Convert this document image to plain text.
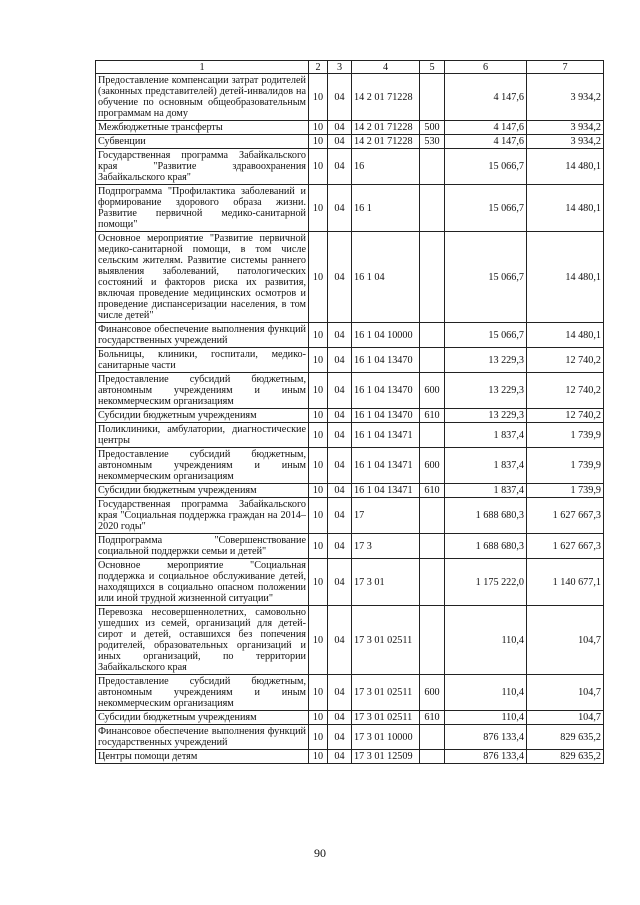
1	2	3	4	5	6	7
Предоставление компенсации затрат родителей (законных представителей) детей-инвалидов на обучение по основным общеобразовательным программам на дому	10	04	14 2 01 71228		4 147,6	3 934,2
Межбюджетные трансферты	10	04	14 2 01 71228	500	4 147,6	3 934,2
Субвенции	10	04	14 2 01 71228	530	4 147,6	3 934,2
Государственная программа Забайкальского края "Развитие здравоохранения Забайкальского края"	10	04	16		15 066,7	14 480,1
Подпрограмма "Профилактика заболеваний и формирование здорового образа жизни. Развитие первичной медико-санитарной помощи"	10	04	16 1		15 066,7	14 480,1
Основное мероприятие "Развитие первичной медико-санитарной помощи, в том числе сельским жителям. Развитие системы раннего выявления заболеваний, патологических состояний и факторов риска их развития, включая проведение медицинских осмотров и проведение диспансеризации населения, в том числе детей"	10	04	16 1 04		15 066,7	14 480,1
Финансовое обеспечение выполнения функций государственных учреждений	10	04	16 1 04 10000		15 066,7	14 480,1
Больницы, клиники, госпитали, медико-санитарные части	10	04	16 1 04 13470		13 229,3	12 740,2
Предоставление субсидий бюджетным, автономным учреждениям и иным некоммерческим организациям	10	04	16 1 04 13470	600	13 229,3	12 740,2
Субсидии бюджетным учреждениям	10	04	16 1 04 13470	610	13 229,3	12 740,2
Поликлиники, амбулатории, диагностические центры	10	04	16 1 04 13471		1 837,4	1 739,9
Предоставление субсидий бюджетным, автономным учреждениям и иным некоммерческим организациям	10	04	16 1 04 13471	600	1 837,4	1 739,9
Субсидии бюджетным учреждениям	10	04	16 1 04 13471	610	1 837,4	1 739,9
Государственная программа Забайкальского края "Социальная поддержка граждан на 2014–2020 годы"	10	04	17		1 688 680,3	1 627 667,3
Подпрограмма "Совершенствование социальной поддержки семьи и детей"	10	04	17 3		1 688 680,3	1 627 667,3
Основное мероприятие "Социальная поддержка и социальное обслуживание детей, находящихся в социально опасном положении или иной трудной жизненной ситуации"	10	04	17 3 01		1 175 222,0	1 140 677,1
Перевозка несовершеннолетних, самовольно ушедших из семей, организаций для детей-сирот и детей, оставшихся без попечения родителей, образовательных организаций и иных организаций, по территории Забайкальского края	10	04	17 3 01 02511		110,4	104,7
Предоставление субсидий бюджетным, автономным учреждениям и иным некоммерческим организациям	10	04	17 3 01 02511	600	110,4	104,7
Субсидии бюджетным учреждениям	10	04	17 3 01 02511	610	110,4	104,7
Финансовое обеспечение выполнения функций государственных учреждений	10	04	17 3 01 10000		876 133,4	829 635,2
Центры помощи детям	10	04	17 3 01 12509		876 133,4	829 635,2
90
